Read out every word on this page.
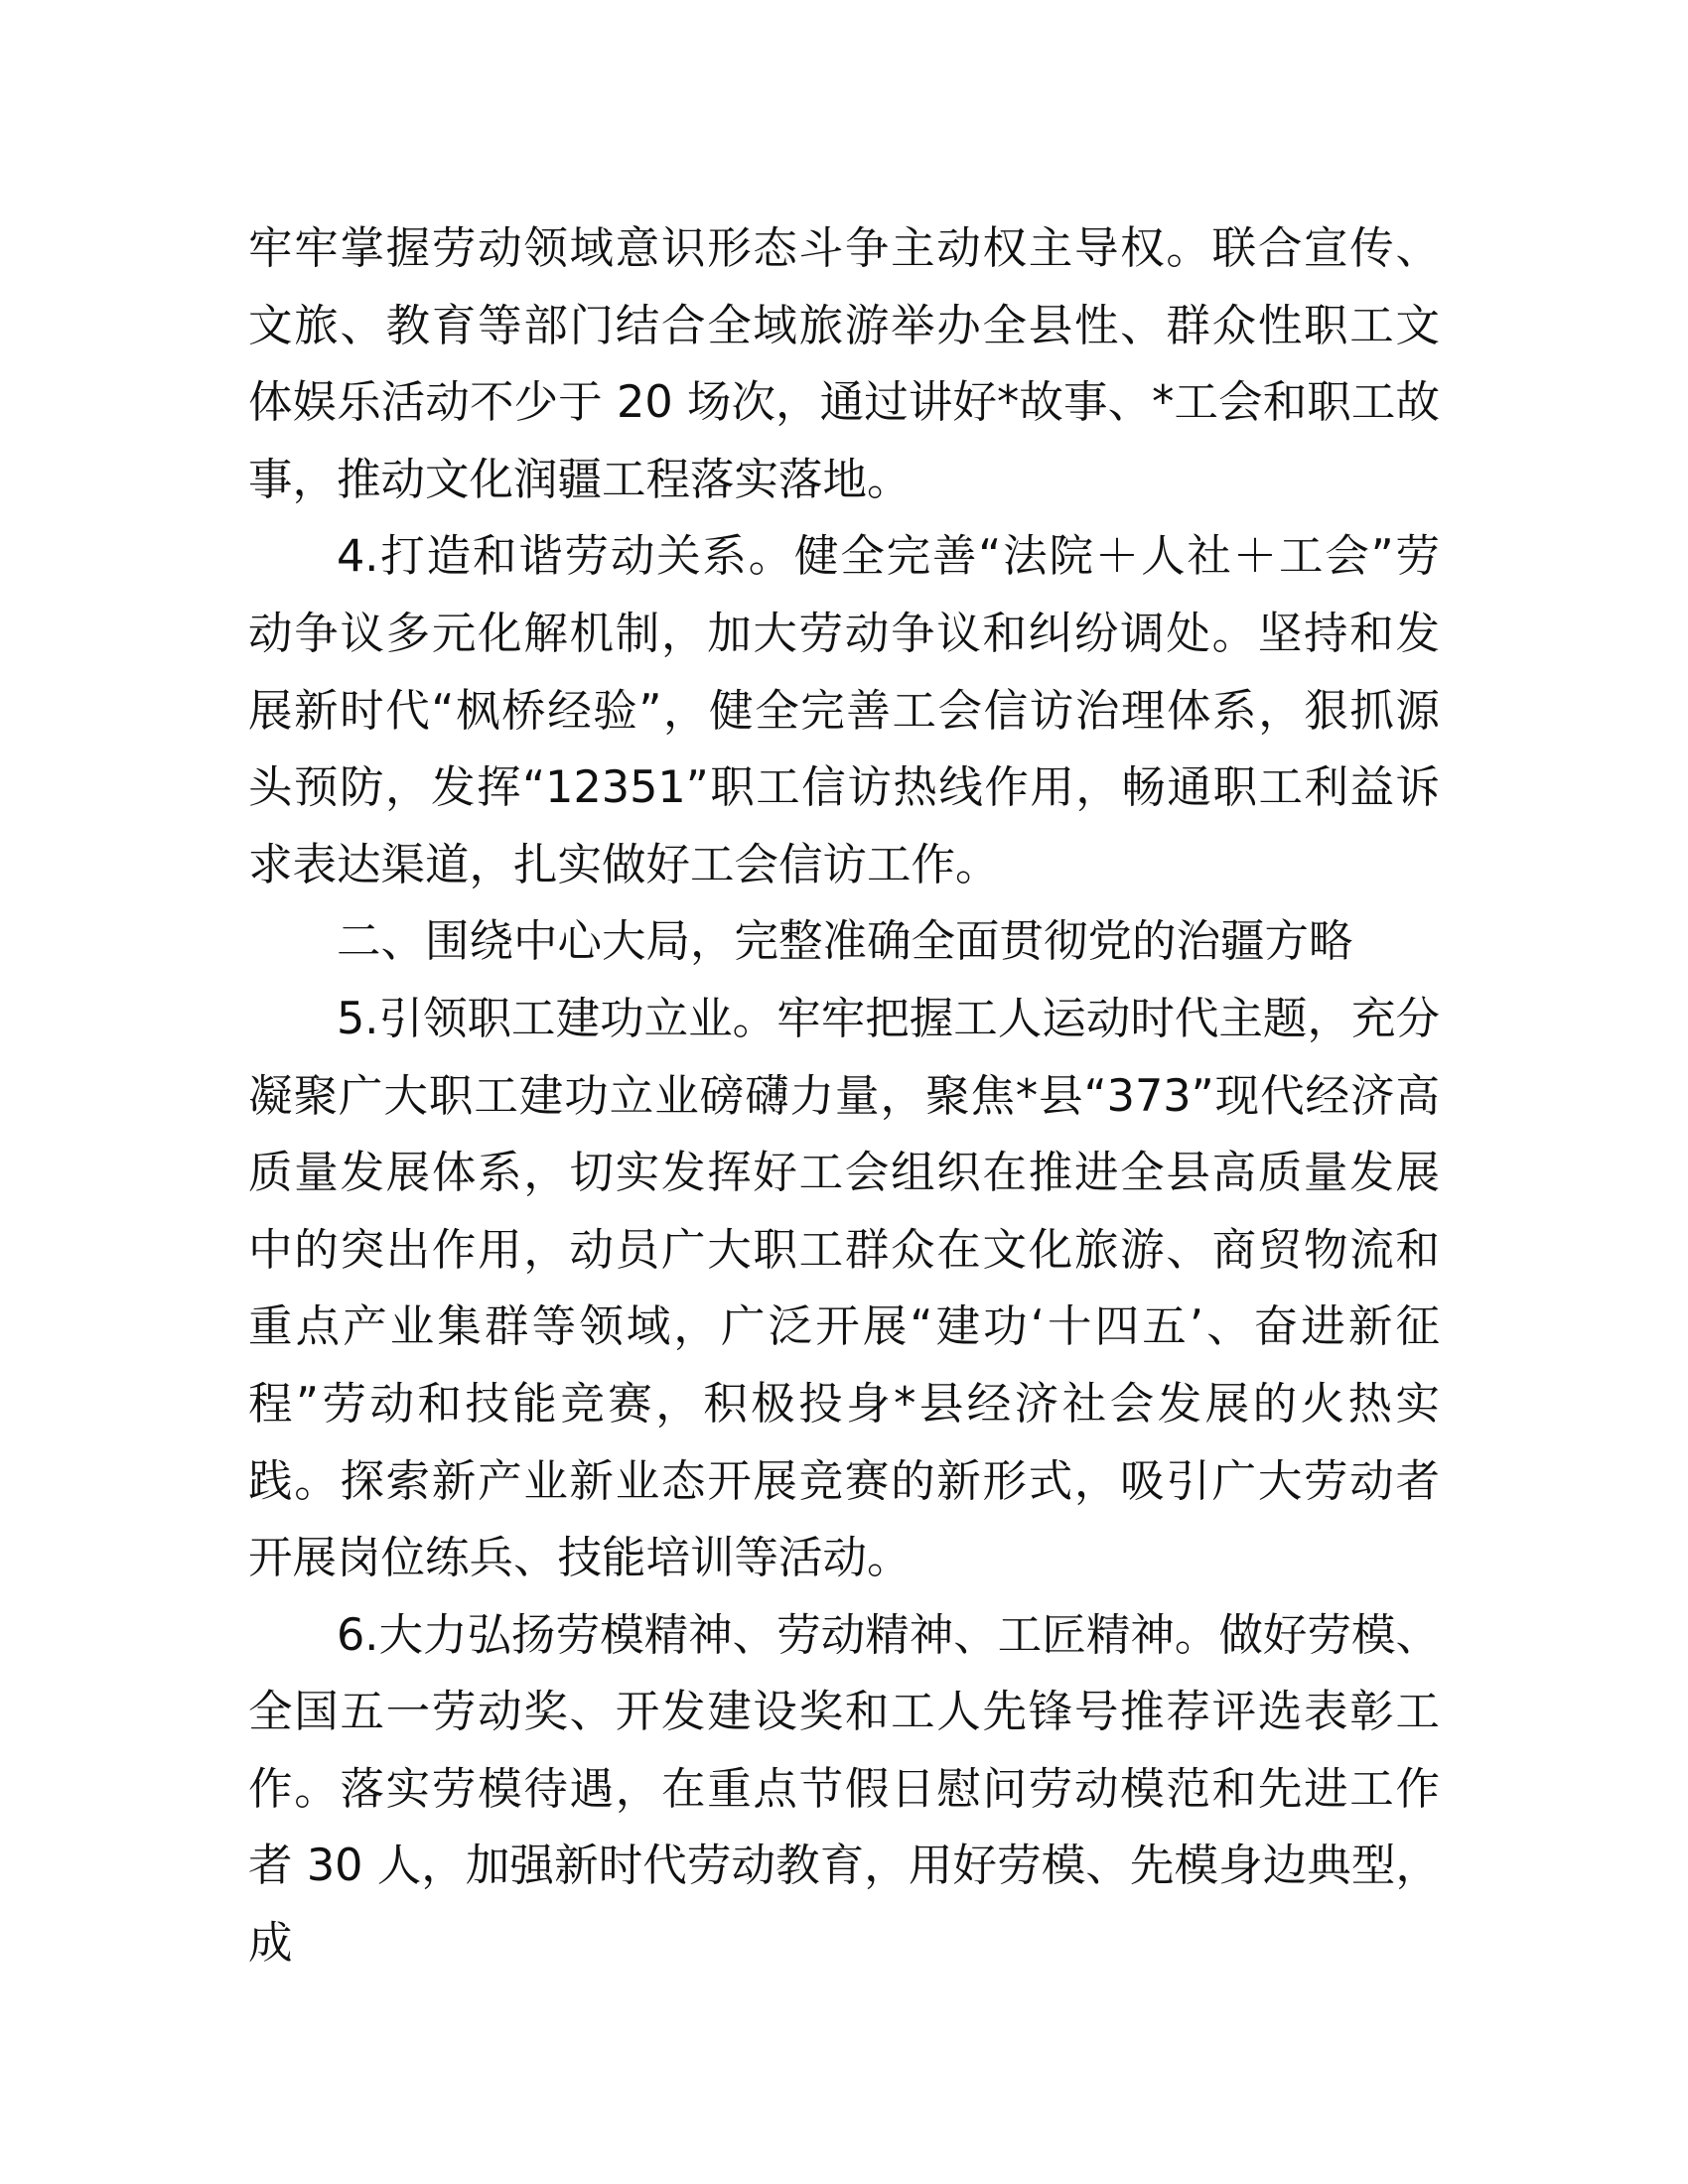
牢牢掌握劳动领域意识形态斗争主动权主导权。联合宣传、文旅、教育等部门结合全域旅游举办全县性、群众性职工文体娱乐活动不少于 20 场次，通过讲好*故事、*工会和职工故事，推动文化润疆工程落实落地。

4.打造和谐劳动关系。健全完善“法院＋人社＋工会”劳动争议多元化解机制，加大劳动争议和纠纷调处。坚持和发展新时代“枫桥经验”，健全完善工会信访治理体系，狠抓源头预防，发挥“12351”职工信访热线作用，畅通职工利益诉求表达渠道，扎实做好工会信访工作。

二、围绕中心大局，完整准确全面贯彻党的治疆方略

5.引领职工建功立业。牢牢把握工人运动时代主题，充分凝聚广大职工建功立业磅礴力量，聚焦*县“373”现代经济高质量发展体系，切实发挥好工会组织在推进全县高质量发展中的突出作用，动员广大职工群众在文化旅游、商贸物流和重点产业集群等领域，广泛开展“建功‘十四五’、奋进新征程”劳动和技能竞赛，积极投身*县经济社会发展的火热实践。探索新产业新业态开展竞赛的新形式，吸引广大劳动者开展岗位练兵、技能培训等活动。

6.大力弘扬劳模精神、劳动精神、工匠精神。做好劳模、全国五一劳动奖、开发建设奖和工人先锋号推荐评选表彰工作。落实劳模待遇，在重点节假日慰问劳动模范和先进工作者 30 人，加强新时代劳动教育，用好劳模、先模身边典型，成
